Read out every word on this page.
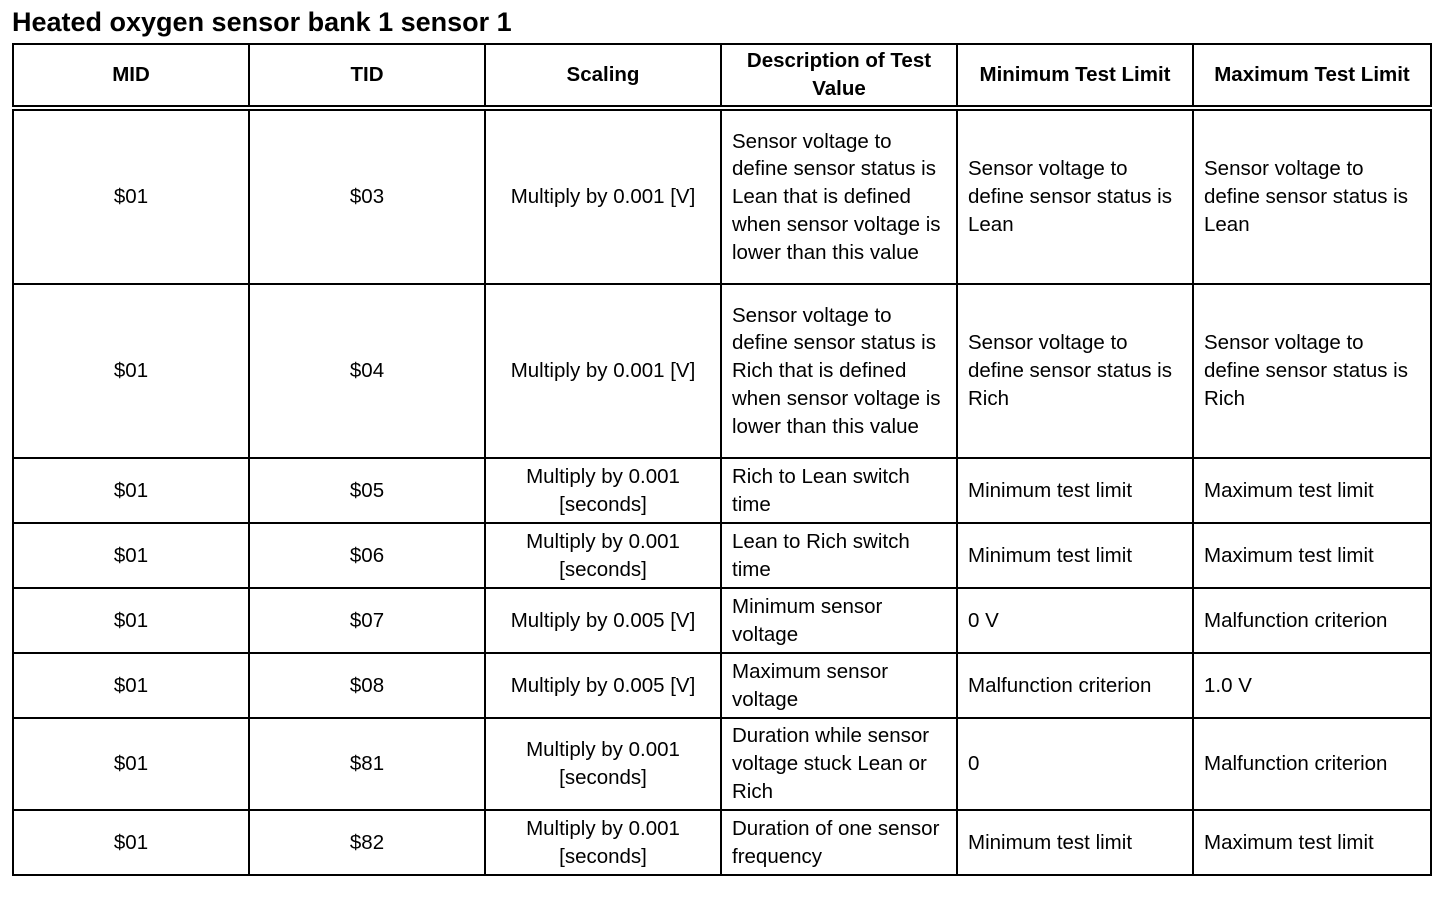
Heated oxygen sensor bank 1 sensor 1
MID	TID	Scaling	Description of Test Value	Minimum Test Limit	Maximum Test Limit
$01	$03	Multiply by 0.001 [V]	Sensor voltage to define sensor status is Lean that is defined when sensor voltage is lower than this value	Sensor voltage to define sensor status is Lean	Sensor voltage to define sensor status is Lean
$01	$04	Multiply by 0.001 [V]	Sensor voltage to define sensor status is Rich that is defined when sensor voltage is lower than this value	Sensor voltage to define sensor status is Rich	Sensor voltage to define sensor status is Rich
$01	$05	Multiply by 0.001 [seconds]	Rich to Lean switch time	Minimum test limit	Maximum test limit
$01	$06	Multiply by 0.001 [seconds]	Lean to Rich switch time	Minimum test limit	Maximum test limit
$01	$07	Multiply by 0.005 [V]	Minimum sensor voltage	0 V	Malfunction criterion
$01	$08	Multiply by 0.005 [V]	Maximum sensor voltage	Malfunction criterion	1.0 V
$01	$81	Multiply by 0.001 [seconds]	Duration while sensor voltage stuck Lean or Rich	0	Malfunction criterion
$01	$82	Multiply by 0.001 [seconds]	Duration of one sensor frequency	Minimum test limit	Maximum test limit
